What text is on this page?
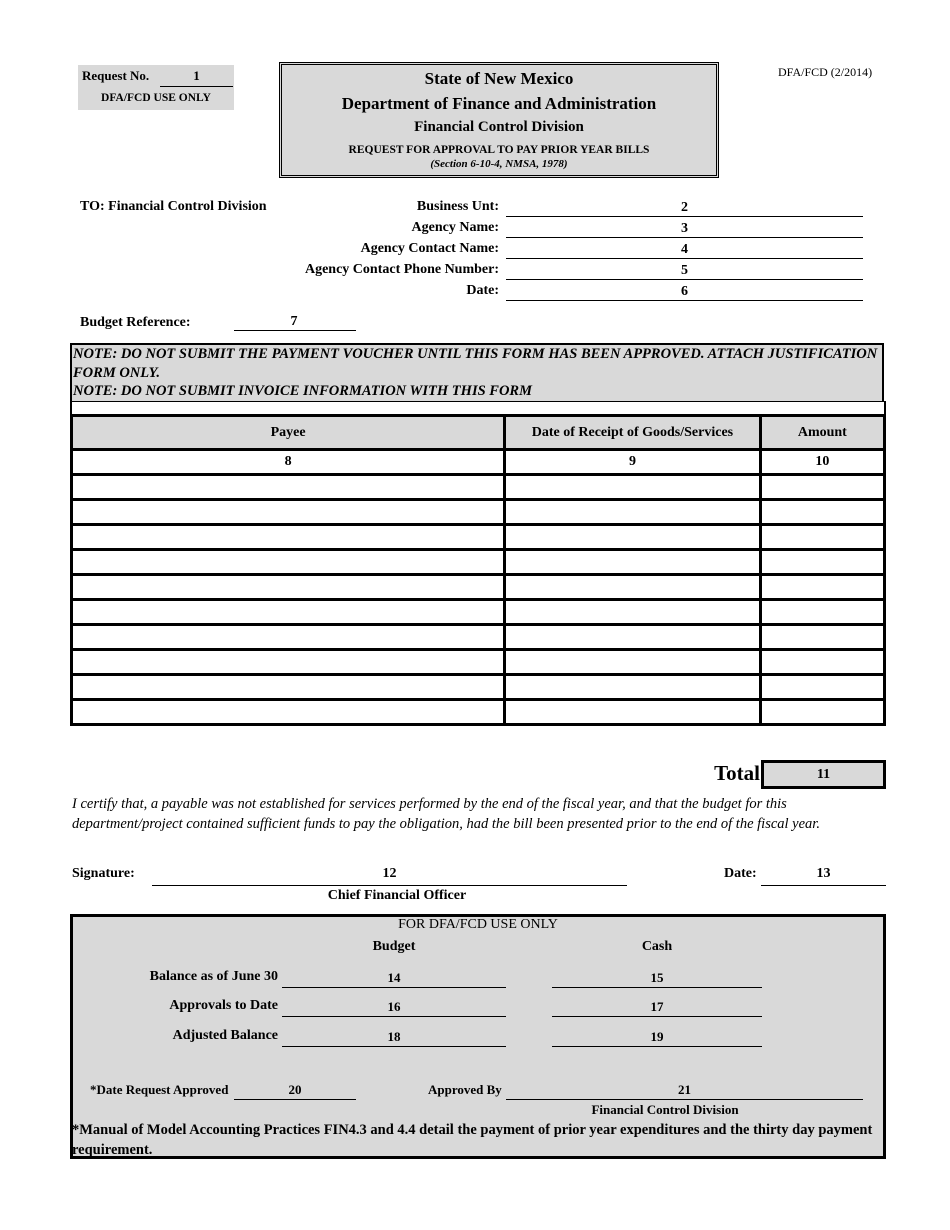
Request No.	1
DFA/FCD USE ONLY
State of New Mexico
Department of Finance and Administration
Financial Control Division
REQUEST FOR APPROVAL TO PAY PRIOR YEAR BILLS
(Section 6-10-4, NMSA, 1978)
DFA/FCD (2/2014)
TO: Financial Control Division	Business Unt:	2
Agency Name:	3
Agency Contact Name:	4
Agency Contact Phone Number:	5
Date:	6
Budget Reference:	7
NOTE: DO NOT SUBMIT THE PAYMENT VOUCHER UNTIL THIS FORM HAS BEEN APPROVED. ATTACH JUSTIFICATION FORM ONLY.
NOTE: DO NOT SUBMIT INVOICE INFORMATION WITH THIS FORM
Payee	Date of Receipt of Goods/Services	Amount
8	9	10

Total	11
I certify that, a payable was not established for services performed by the end of the fiscal year, and that the budget for this department/project contained sufficient funds to pay the obligation, had the bill been presented prior to the end of the fiscal year.
Signature:	12
Chief Financial Officer
Date:	13
FOR DFA/FCD USE ONLY
Budget	Cash
Balance as of June 30	14	15
Approvals to Date	16	17
Adjusted Balance	18	19
*Date Request Approved	20	Approved By	21
Financial Control Division
*Manual of Model Accounting Practices FIN4.3 and 4.4 detail the payment of prior year expenditures and the thirty day payment requirement.
